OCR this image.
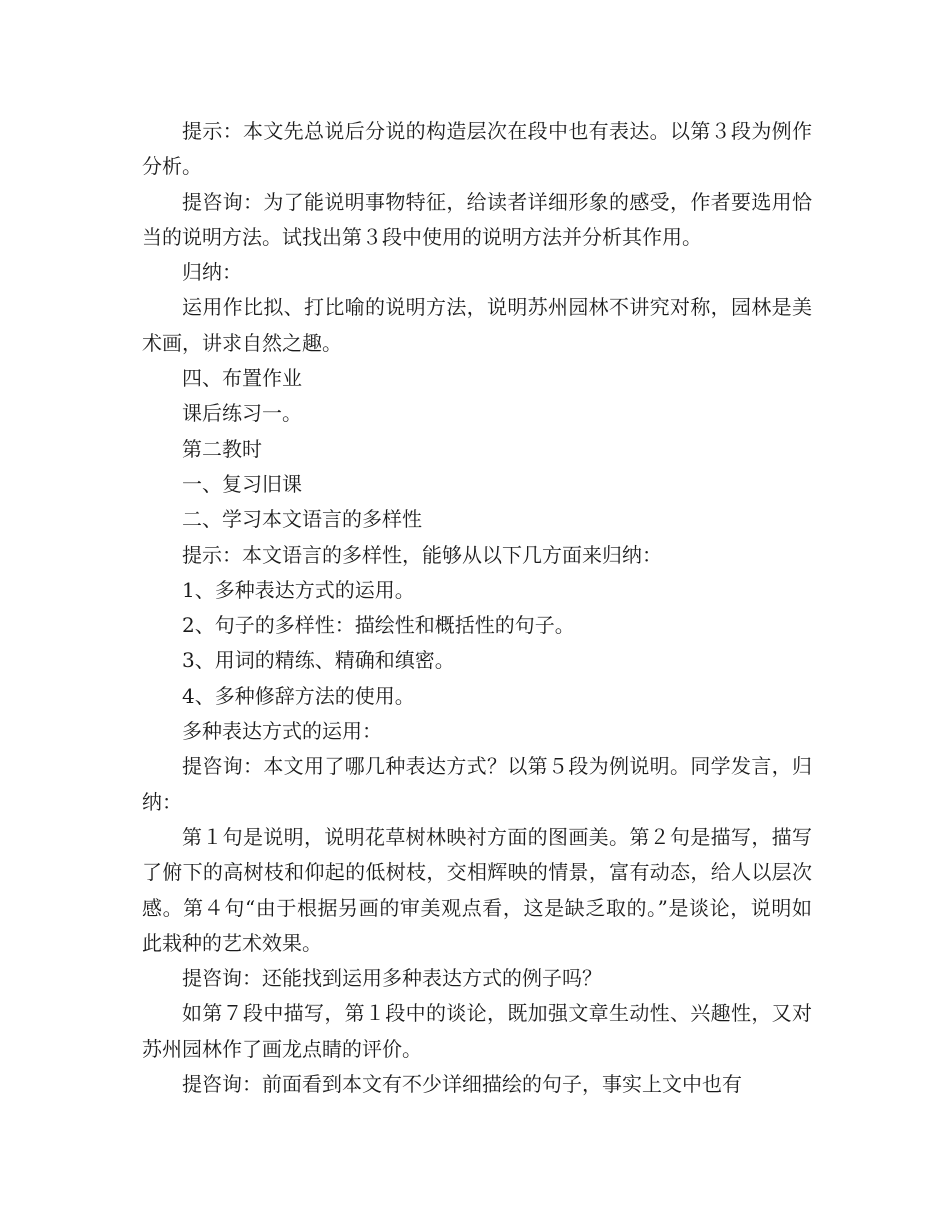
提示：本文先总说后分说的构造层次在段中也有表达。以第３段为例作分析。

提咨询：为了能说明事物特征，给读者详细形象的感受，作者要选用恰当的说明方法。试找出第３段中使用的说明方法并分析其作用。

归纳：

运用作比拟、打比喻的说明方法，说明苏州园林不讲究对称，园林是美术画，讲求自然之趣。

四、布置作业

课后练习一。

第二教时

一、复习旧课

二、学习本文语言的多样性

提示：本文语言的多样性，能够从以下几方面来归纳：

1、多种表达方式的运用。

2、句子的多样性：描绘性和概括性的句子。

3、用词的精练、精确和缜密。

4、多种修辞方法的使用。

多种表达方式的运用：

提咨询：本文用了哪几种表达方式？以第５段为例说明。同学发言，归纳：

第１句是说明，说明花草树林映衬方面的图画美。第２句是描写，描写了俯下的高树枝和仰起的低树枝，交相辉映的情景，富有动态，给人以层次感。第４句“由于根据另画的审美观点看，这是缺乏取的。”是谈论，说明如此栽种的艺术效果。

提咨询：还能找到运用多种表达方式的例子吗？

如第７段中描写，第１段中的谈论，既加强文章生动性、兴趣性，又对苏州园林作了画龙点睛的评价。

提咨询：前面看到本文有不少详细描绘的句子，事实上文中也有
